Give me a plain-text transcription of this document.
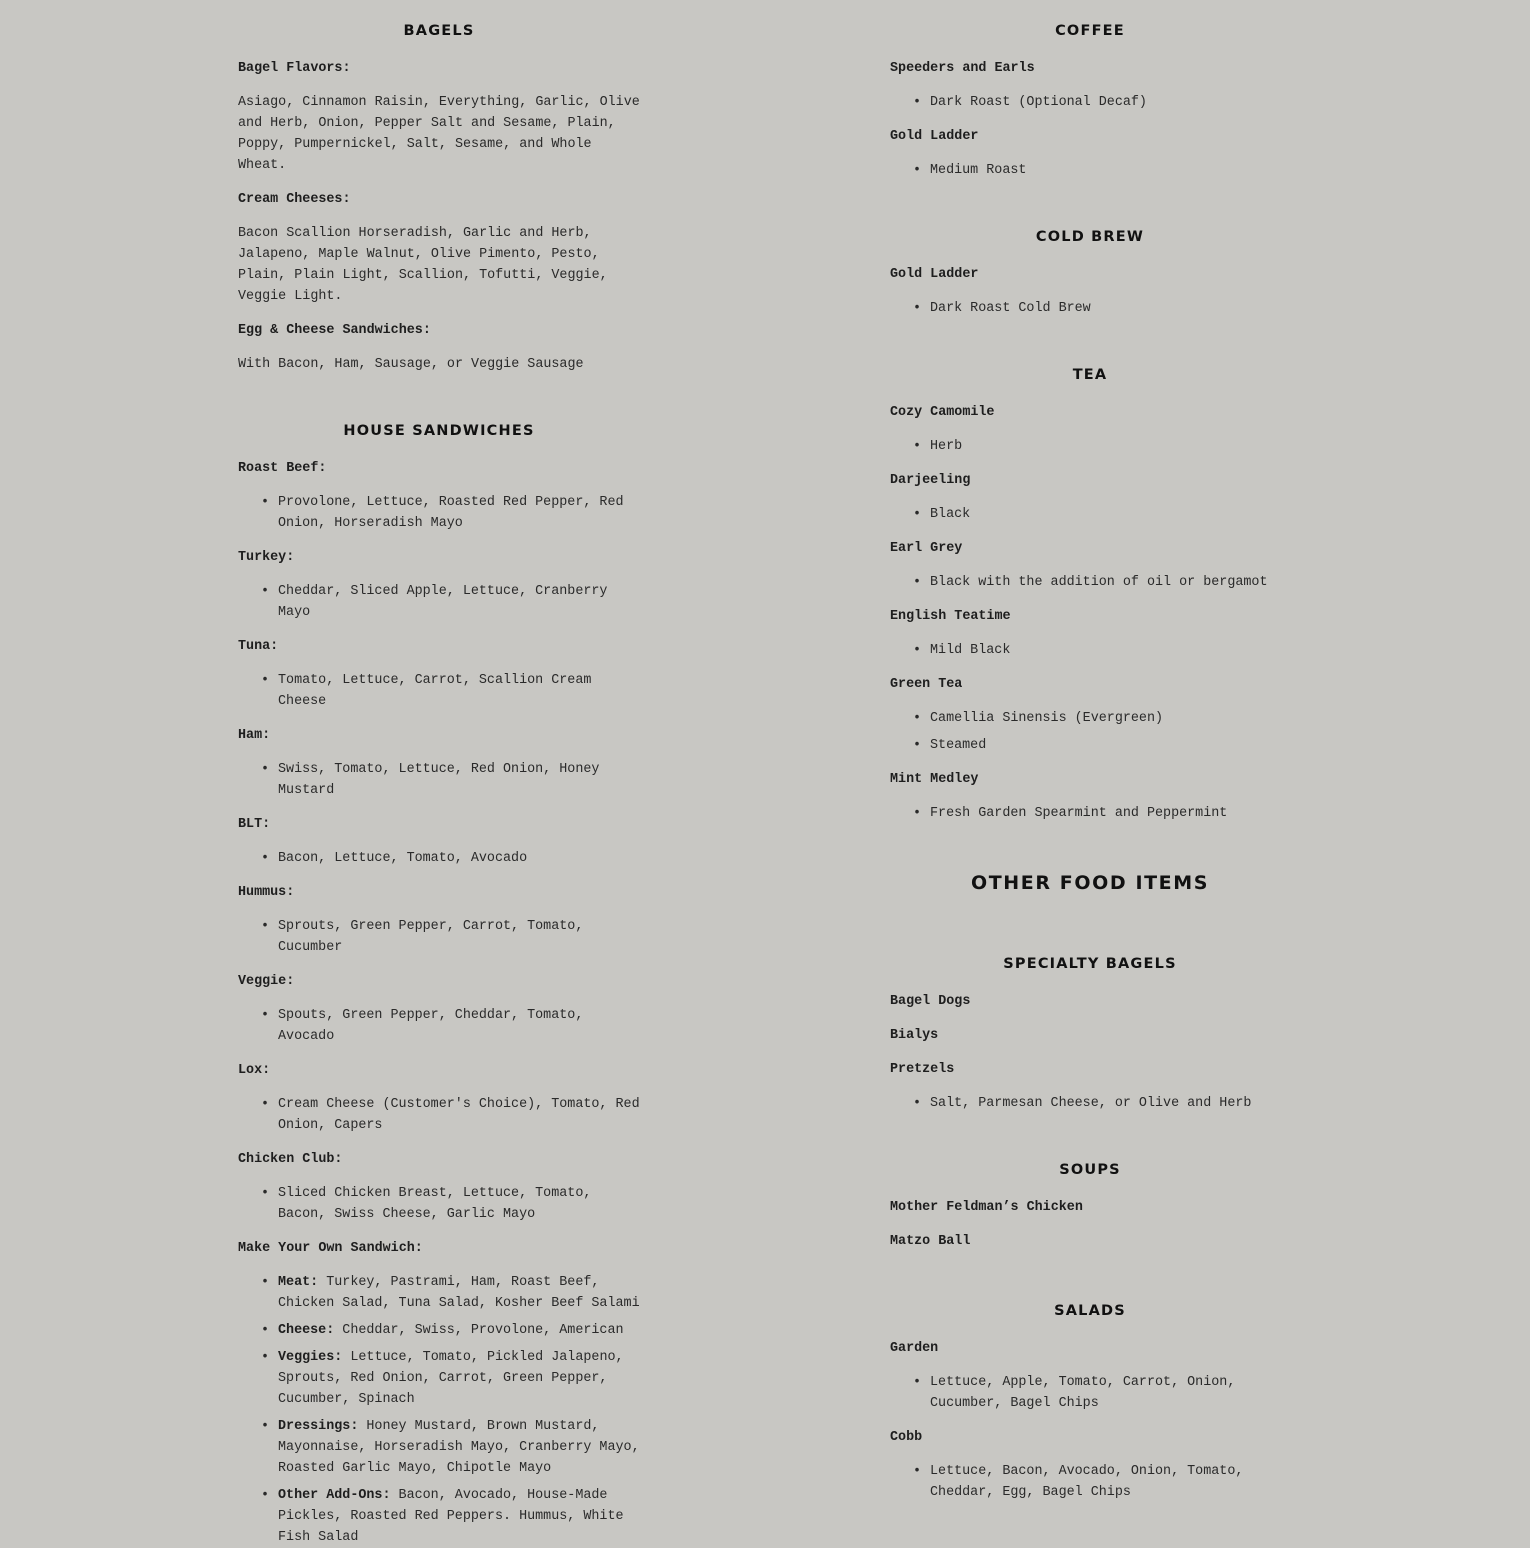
BAGELS

Bagel Flavors:

Asiago, Cinnamon Raisin, Everything, Garlic, Olive and Herb, Onion, Pepper Salt and Sesame, Plain, Poppy, Pumpernickel, Salt, Sesame, and Whole Wheat.

Cream Cheeses:

Bacon Scallion Horseradish, Garlic and Herb, Jalapeno, Maple Walnut, Olive Pimento, Pesto, Plain, Plain Light, Scallion, Tofutti, Veggie, Veggie Light.

Egg & Cheese Sandwiches:

With Bacon, Ham, Sausage, or Veggie Sausage

HOUSE SANDWICHES

Roast Beef:

• Provolone, Lettuce, Roasted Red Pepper, Red Onion, Horseradish Mayo

Turkey:

• Cheddar, Sliced Apple, Lettuce, Cranberry Mayo

Tuna:

• Tomato, Lettuce, Carrot, Scallion Cream Cheese

Ham:

• Swiss, Tomato, Lettuce, Red Onion, Honey Mustard

BLT:

• Bacon, Lettuce, Tomato, Avocado

Hummus:

• Sprouts, Green Pepper, Carrot, Tomato, Cucumber

Veggie:

• Spouts, Green Pepper, Cheddar, Tomato, Avocado

Lox:

• Cream Cheese (Customer's Choice), Tomato, Red Onion, Capers

Chicken Club:

• Sliced Chicken Breast, Lettuce, Tomato, Bacon, Swiss Cheese, Garlic Mayo

Make Your Own Sandwich:

• Meat: Turkey, Pastrami, Ham, Roast Beef, Chicken Salad, Tuna Salad, Kosher Beef Salami
• Cheese: Cheddar, Swiss, Provolone, American
• Veggies: Lettuce, Tomato, Pickled Jalapeno, Sprouts, Red Onion, Carrot, Green Pepper, Cucumber, Spinach
• Dressings: Honey Mustard, Brown Mustard, Mayonnaise, Horseradish Mayo, Cranberry Mayo, Roasted Garlic Mayo, Chipotle Mayo
• Other Add-Ons: Bacon, Avocado, House-Made Pickles, Roasted Red Peppers. Hummus, White Fish Salad
COFFEE

Speeders and Earls

• Dark Roast (Optional Decaf)

Gold Ladder

• Medium Roast
COLD BREW

Gold Ladder

• Dark Roast Cold Brew
TEA

Cozy Camomile

• Herb

Darjeeling

• Black

Earl Grey

• Black with the addition of oil or bergamot

English Teatime

• Mild Black

Green Tea

• Camellia Sinensis (Evergreen)
• Steamed

Mint Medley

• Fresh Garden Spearmint and Peppermint
OTHER FOOD ITEMS
SPECIALTY BAGELS

Bagel Dogs

Bialys

Pretzels

• Salt, Parmesan Cheese, or Olive and Herb
SOUPS

Mother Feldman’s Chicken

Matzo Ball

SALADS

Garden

• Lettuce, Apple, Tomato, Carrot, Onion, Cucumber, Bagel Chips

Cobb

• Lettuce, Bacon, Avocado, Onion, Tomato, Cheddar, Egg, Bagel Chips
